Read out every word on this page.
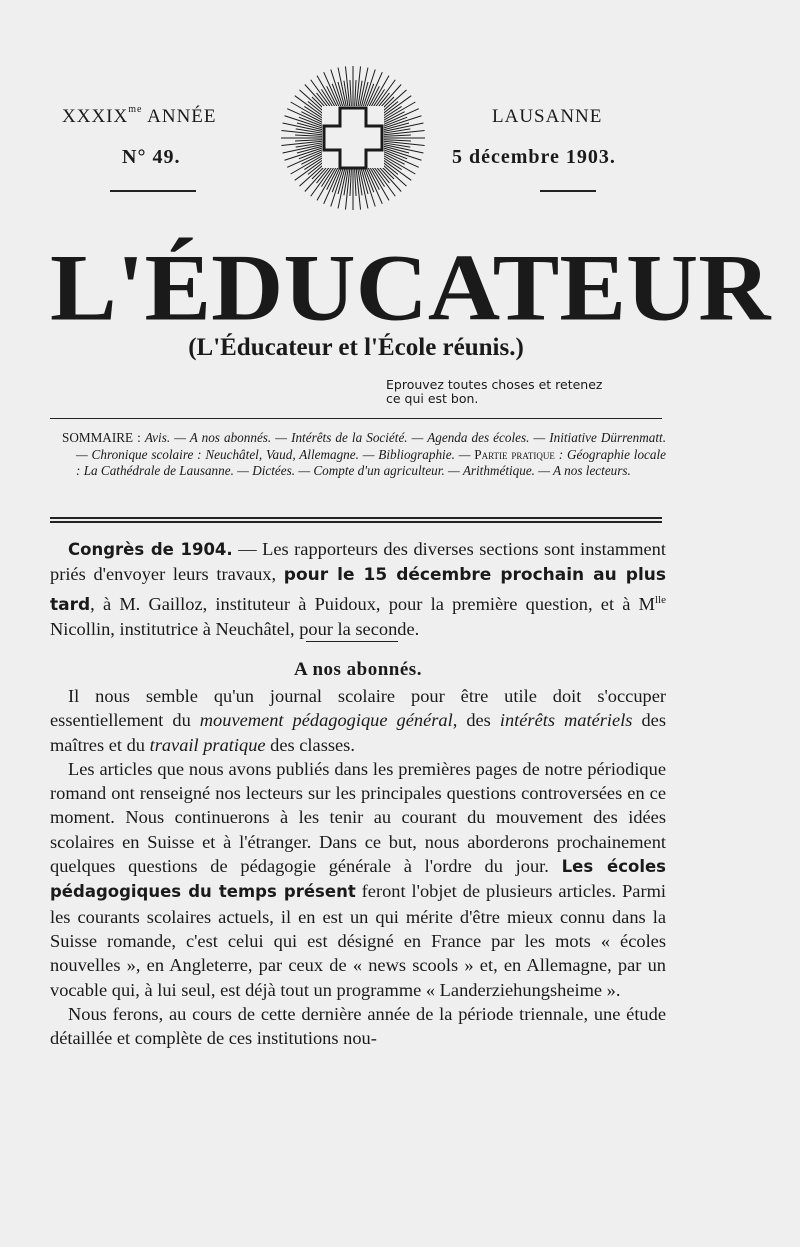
$XXXIX^{me}$ ANNÉE
N° 49.
LAUSANNE
5 décembre 1903.
L'ÉDUCATEUR
(L'Éducateur et l'École réunis.)
Eprouvez toutes choses et retenez
ce qui est bon.
SOMMAIRE : Avis. — A nos abonnés. — Intérêts de la Société. — Agenda des écoles. — Initiative Dürrenmatt. — Chronique scolaire : Neuchâtel, Vaud, Allemagne. — Bibliographie. — Partie pratique : Géographie locale : La Cathédrale de Lausanne. — Dictées. — Compte d'un agriculteur. — Arithmétique. — A nos lecteurs.

Congrès de 1904. — Les rapporteurs des diverses sections sont instamment priés d'envoyer leurs travaux, pour le 15 décembre prochain au plus tard, à M. Gailloz, instituteur à Puidoux, pour la première question, et à $M^{lle}$ Nicollin, institutrice à Neuchâtel, pour la seconde.

A nos abonnés.

Il nous semble qu'un journal scolaire pour être utile doit s'occuper essentiellement du mouvement pédagogique général, des intérêts matériels des maîtres et du travail pratique des classes.

Les articles que nous avons publiés dans les premières pages de notre périodique romand ont renseigné nos lecteurs sur les principales questions controversées en ce moment. Nous continuerons à les tenir au courant du mouvement des idées scolaires en Suisse et à l'étranger. Dans ce but, nous aborderons prochainement quelques questions de pédagogie générale à l'ordre du jour. Les écoles pédagogiques du temps présent feront l'objet de plusieurs articles. Parmi les courants scolaires actuels, il en est un qui mérite d'être mieux connu dans la Suisse romande, c'est celui qui est désigné en France par les mots « écoles nouvelles », en Angleterre, par ceux de « news scools » et, en Allemagne, par un vocable qui, à lui seul, est déjà tout un programme « Landerziehungsheime ».

Nous ferons, au cours de cette dernière année de la période triennale, une étude détaillée et complète de ces institutions nou-
